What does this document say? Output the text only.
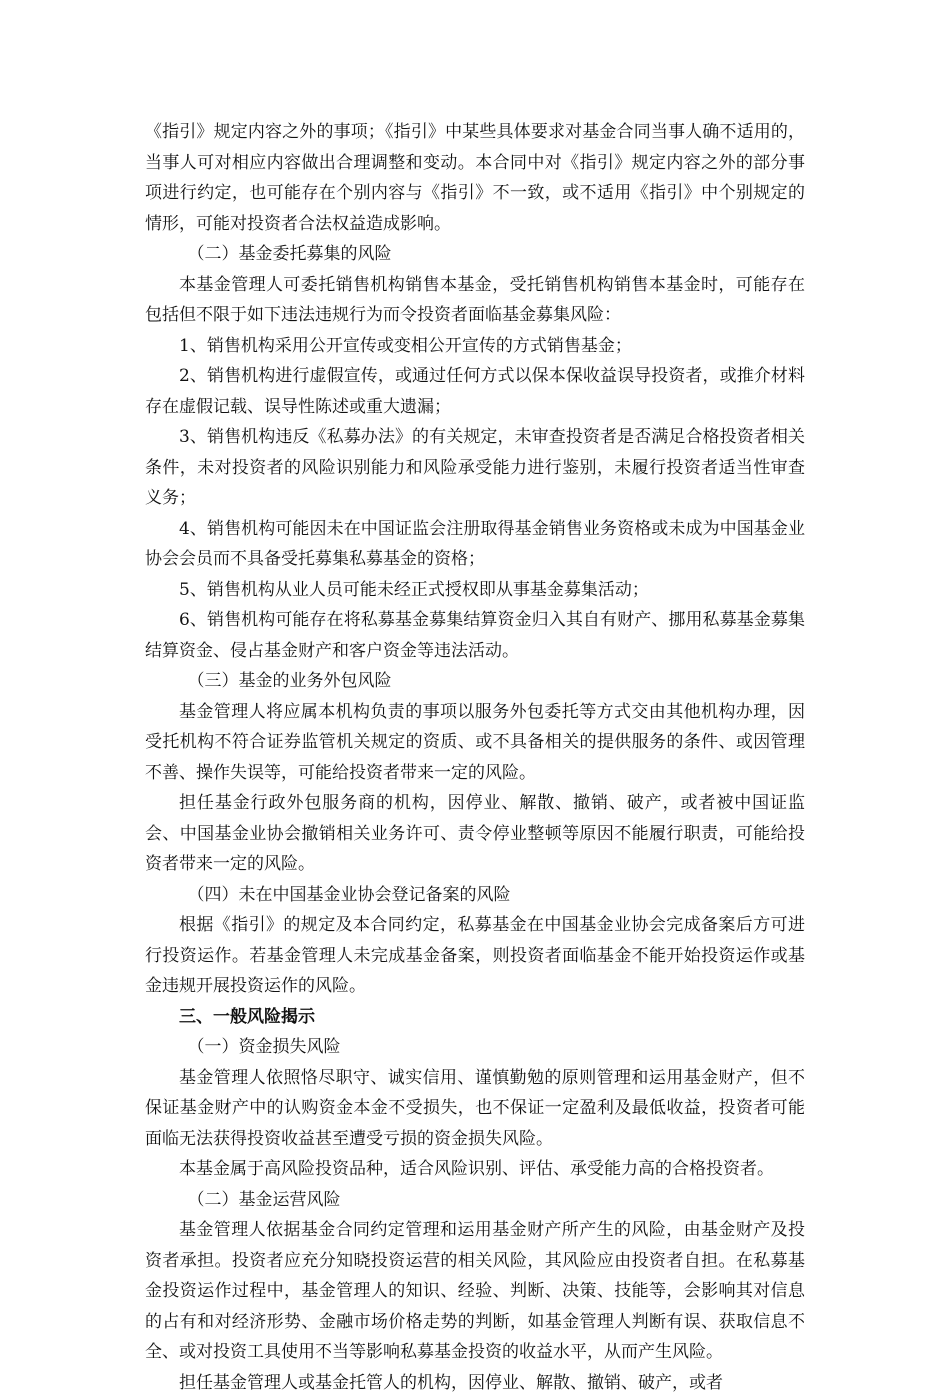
《指引》规定内容之外的事项；《指引》中某些具体要求对基金合同当事人确不适用的，当事人可对相应内容做出合理调整和变动。本合同中对《指引》规定内容之外的部分事项进行约定，也可能存在个别内容与《指引》不一致，或不适用《指引》中个别规定的情形，可能对投资者合法权益造成影响。

（二）基金委托募集的风险

本基金管理人可委托销售机构销售本基金，受托销售机构销售本基金时，可能存在包括但不限于如下违法违规行为而令投资者面临基金募集风险：

1、销售机构采用公开宣传或变相公开宣传的方式销售基金；

2、销售机构进行虚假宣传，或通过任何方式以保本保收益误导投资者，或推介材料存在虚假记载、误导性陈述或重大遗漏；

3、销售机构违反《私募办法》的有关规定，未审查投资者是否满足合格投资者相关条件，未对投资者的风险识别能力和风险承受能力进行鉴别，未履行投资者适当性审查义务；

4、销售机构可能因未在中国证监会注册取得基金销售业务资格或未成为中国基金业协会会员而不具备受托募集私募基金的资格；

5、销售机构从业人员可能未经正式授权即从事基金募集活动；

6、销售机构可能存在将私募基金募集结算资金归入其自有财产、挪用私募基金募集结算资金、侵占基金财产和客户资金等违法活动。

（三）基金的业务外包风险

基金管理人将应属本机构负责的事项以服务外包委托等方式交由其他机构办理，因受托机构不符合证券监管机关规定的资质、或不具备相关的提供服务的条件、或因管理不善、操作失误等，可能给投资者带来一定的风险。

担任基金行政外包服务商的机构，因停业、解散、撤销、破产，或者被中国证监会、中国基金业协会撤销相关业务许可、责令停业整顿等原因不能履行职责，可能给投资者带来一定的风险。

（四）未在中国基金业协会登记备案的风险

根据《指引》的规定及本合同约定，私募基金在中国基金业协会完成备案后方可进行投资运作。若基金管理人未完成基金备案，则投资者面临基金不能开始投资运作或基金违规开展投资运作的风险。

三、一般风险揭示

（一）资金损失风险

基金管理人依照恪尽职守、诚实信用、谨慎勤勉的原则管理和运用基金财产，但不保证基金财产中的认购资金本金不受损失，也不保证一定盈利及最低收益，投资者可能面临无法获得投资收益甚至遭受亏损的资金损失风险。

本基金属于高风险投资品种，适合风险识别、评估、承受能力高的合格投资者。

（二）基金运营风险

基金管理人依据基金合同约定管理和运用基金财产所产生的风险，由基金财产及投资者承担。投资者应充分知晓投资运营的相关风险，其风险应由投资者自担。在私募基金投资运作过程中，基金管理人的知识、经验、判断、决策、技能等，会影响其对信息的占有和对经济形势、金融市场价格走势的判断，如基金管理人判断有误、获取信息不全、或对投资工具使用不当等影响私募基金投资的收益水平，从而产生风险。

担任基金管理人或基金托管人的机构，因停业、解散、撤销、破产，或者
